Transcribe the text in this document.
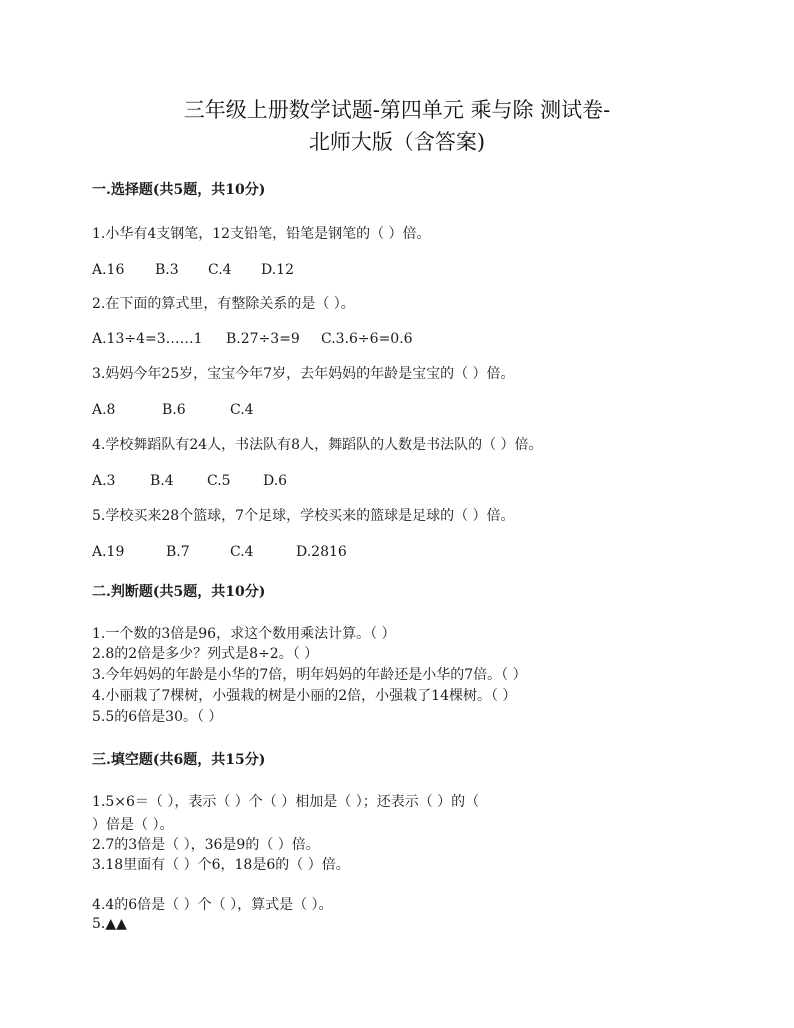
三年级上册数学试题-第四单元 乘与除 测试卷-
北师大版（含答案)
一.选择题(共5题，共10分)
1.小华有4支钢笔，12支铅笔，铅笔是钢笔的（ ）倍。
A.16	B.3	C.4	D.12
2.在下面的算式里，有整除关系的是（ ）。
A.13÷4=3……1	B.27÷3=9	C.3.6÷6=0.6
3.妈妈今年25岁，宝宝今年7岁，去年妈妈的年龄是宝宝的（ ）倍。
A.8	B.6	C.4
4.学校舞蹈队有24人，书法队有8人，舞蹈队的人数是书法队的（ ）倍。
A.3	B.4	C.5	D.6
5.学校买来28个篮球，7个足球，学校买来的篮球是足球的（ ）倍。
A.19	B.7	C.4	D.2816
二.判断题(共5题，共10分)
1.一个数的3倍是96，求这个数用乘法计算。（ ）
2.8的2倍是多少？列式是8÷2。（ ）
3.今年妈妈的年龄是小华的7倍，明年妈妈的年龄还是小华的7倍。（ ）
4.小丽栽了7棵树，小强栽的树是小丽的2倍，小强栽了14棵树。（ ）
5.5的6倍是30。（ ）
三.填空题(共6题，共15分)
1.5×6＝（ ），表示（ ）个（ ）相加是（ ）；还表示（ ）的（
）倍是（ ）。
2.7的3倍是（ ），36是9的（ ）倍。
3.18里面有（ ）个6，18是6的（ ）倍。
4.4的6倍是（ ）个（ ），算式是（ ）。
5.▲▲
